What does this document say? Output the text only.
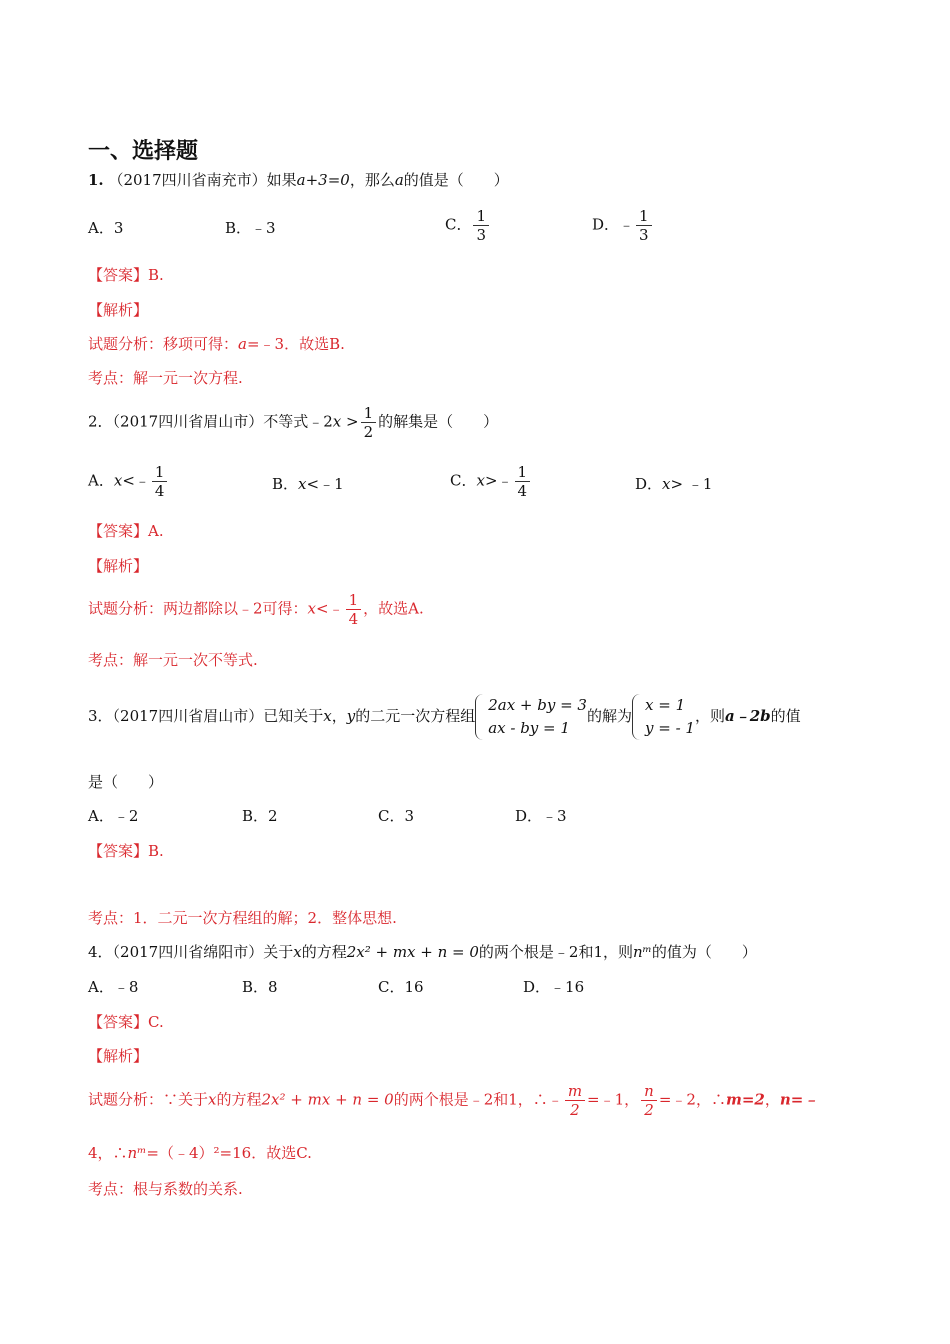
一、选择题
1. （2017四川省南充市）如果a+3=0，那么a的值是（　　）
A．3	B．﹣3	C． $\frac{1}{3}$	D．﹣ $\frac{1}{3}$
【答案】B.
【解析】
试题分析：移项可得：a=﹣3．故选B.
考点：解一元一次方程.
2．（2017四川省眉山市）不等式﹣2x > $\frac{1}{2}$ 的解集是（　　）
A．x<﹣ $\frac{1}{4}$	B．x<﹣1	C．x>﹣ $\frac{1}{4}$	D．x> ﹣1
【答案】A.
【解析】
试题分析：两边都除以﹣2可得：x<﹣ $\frac{1}{4}$ ，故选A.
考点：解一元一次不等式.
3．（2017四川省眉山市）已知关于x，y的二元一次方程组
2ax + by = 3
ax - by = 1
的解为
x = 1
y = - 1
，则a﹣2b的值
是（　　）
A．﹣2	B．2	C．3	D．﹣3
【答案】B.
考点：1．二元一次方程组的解；2．整体思想.
4．（2017四川省绵阳市）关于x的方程2x² + mx + n = 0的两个根是﹣2和1，则nᵐ的值为（　　）
A．﹣8	B．8	C．16	D．﹣16
【答案】C.
【解析】
试题分析：∵关于x的方程2x² + mx + n = 0的两个根是﹣2和1，∴﹣ $\frac{m}{2}$ =﹣1， $\frac{n}{2}$ =﹣2，∴m=2，n=﹣
4，∴nᵐ=（﹣4）²=16．故选C.
考点：根与系数的关系.
